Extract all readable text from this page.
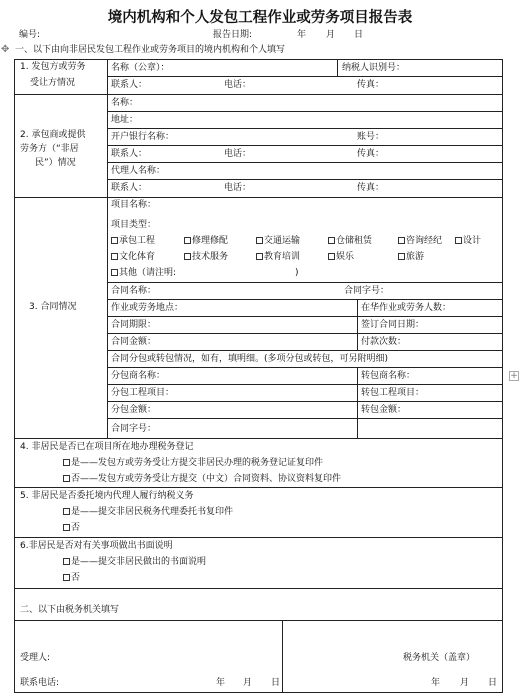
✥
+
境内机构和个人发包工程作业或劳务项目报告表
编号:	报告日期:	年 月 日
一、以下由向非居民发包工程作业或劳务项目的境内机构和个人填写
1. 发包方或劳务
受让方情况
名称（公章）：	纳税人识别号：
联系人：	电话：	传真：
2. 承包商或提供
劳务方（“非居
民”）情况
名称：
地址：
开户银行名称：	账号：
联系人：	电话：	传真：
代理人名称：
联系人：	电话：	传真：
3. 合同情况
项目名称：
项目类型：
承包工程	修理修配	交通运输	仓储租赁	咨询经纪	设计
文化体育	技术服务	教育培训	娱乐	旅游
其他（请注明:	)
合同名称：	合同字号：
作业或劳务地点：	在华作业或劳务人数：
合同期限：	签订合同日期：
合同金额：	付款次数：
合同分包或转包情况，如有，填明细。(多项分包或转包，可另附明细)
分包商名称：	转包商名称：
分包工程项目：	转包工程项目：
分包金额：	转包金额：
合同字号：
4. 非居民是否已在项目所在地办理税务登记
是——发包方或劳务受让方提交非居民办理的税务登记证复印件
否——发包方或劳务受让方提交（中文）合同资料、协议资料复印件
5. 非居民是否委托境内代理人履行纳税义务
是——提交非居民税务代理委托书复印件
否
6.非居民是否对有关事项做出书面说明
是——提交非居民做出的书面说明
否
二、以下由税务机关填写
受理人:
联系电话:	年 月 日
税务机关（盖章）
年 月 日
